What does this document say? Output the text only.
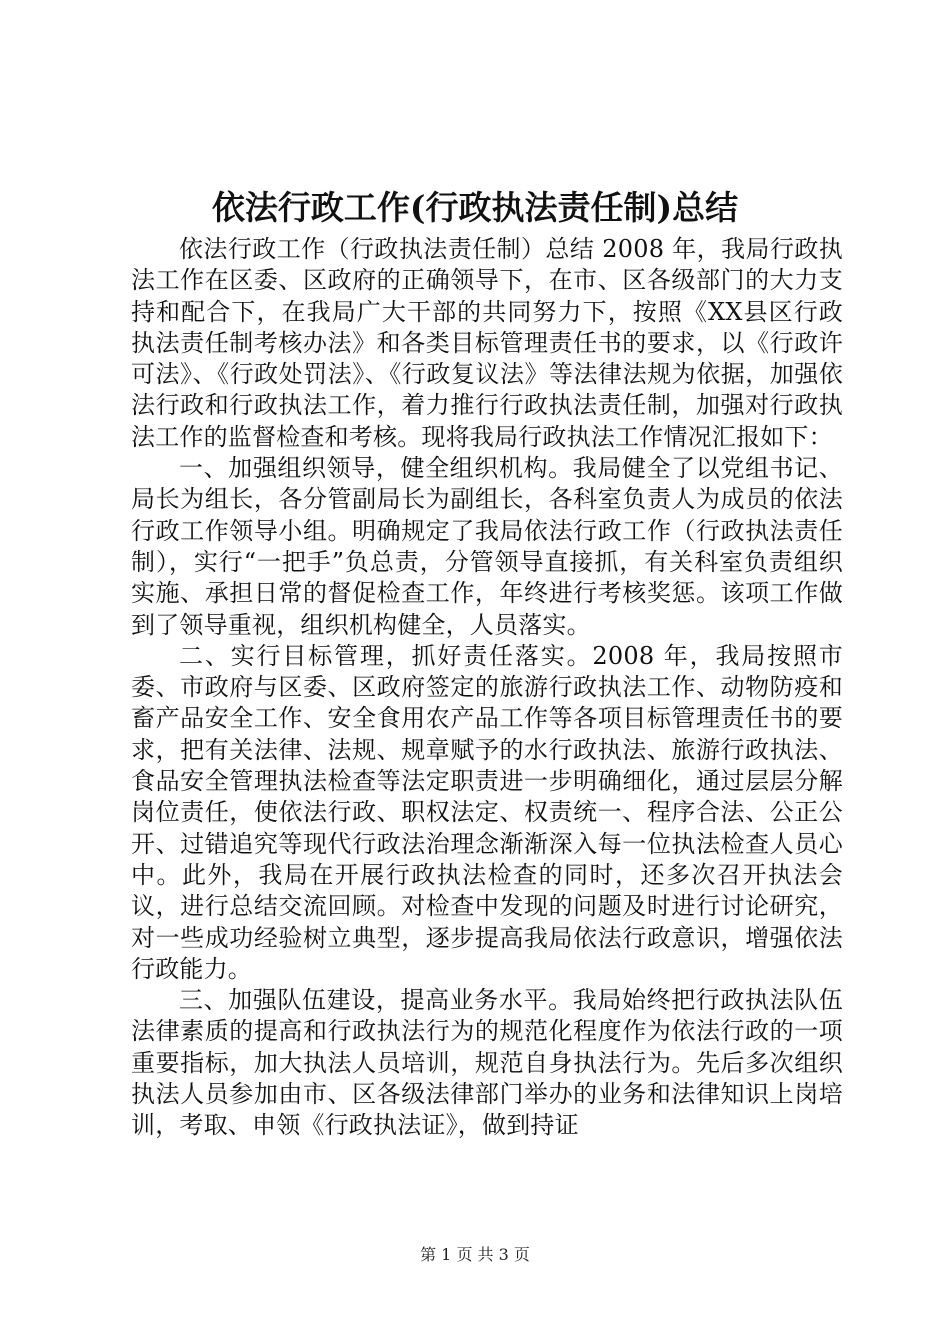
依法行政工作(行政执法责任制)总结

依法行政工作（行政执法责任制）总结 2008 年，我局行政执法工作在区委、区政府的正确领导下，在市、区各级部门的大力支持和配合下，在我局广大干部的共同努力下，按照《XX县区行政执法责任制考核办法》和各类目标管理责任书的要求，以《行政许可法》、《行政处罚法》、《行政复议法》等法律法规为依据，加强依法行政和行政执法工作，着力推行行政执法责任制，加强对行政执法工作的监督检查和考核。现将我局行政执法工作情况汇报如下：

一、加强组织领导，健全组织机构。我局健全了以党组书记、局长为组长，各分管副局长为副组长，各科室负责人为成员的依法行政工作领导小组。明确规定了我局依法行政工作（行政执法责任制），实行“一把手”负总责，分管领导直接抓，有关科室负责组织实施、承担日常的督促检查工作，年终进行考核奖惩。该项工作做到了领导重视，组织机构健全，人员落实。

二、实行目标管理，抓好责任落实。2008 年，我局按照市委、市政府与区委、区政府签定的旅游行政执法工作、动物防疫和畜产品安全工作、安全食用农产品工作等各项目标管理责任书的要求，把有关法律、法规、规章赋予的水行政执法、旅游行政执法、食品安全管理执法检查等法定职责进一步明确细化，通过层层分解岗位责任，使依法行政、职权法定、权责统一、程序合法、公正公开、过错追究等现代行政法治理念渐渐深入每一位执法检查人员心中。此外，我局在开展行政执法检查的同时，还多次召开执法会议，进行总结交流回顾。对检查中发现的问题及时进行讨论研究，对一些成功经验树立典型，逐步提高我局依法行政意识，增强依法行政能力。

三、加强队伍建设，提高业务水平。我局始终把行政执法队伍法律素质的提高和行政执法行为的规范化程度作为依法行政的一项重要指标，加大执法人员培训，规范自身执法行为。先后多次组织执法人员参加由市、区各级法律部门举办的业务和法律知识上岗培训，考取、申领《行政执法证》，做到持证

第 1 页 共 3 页
